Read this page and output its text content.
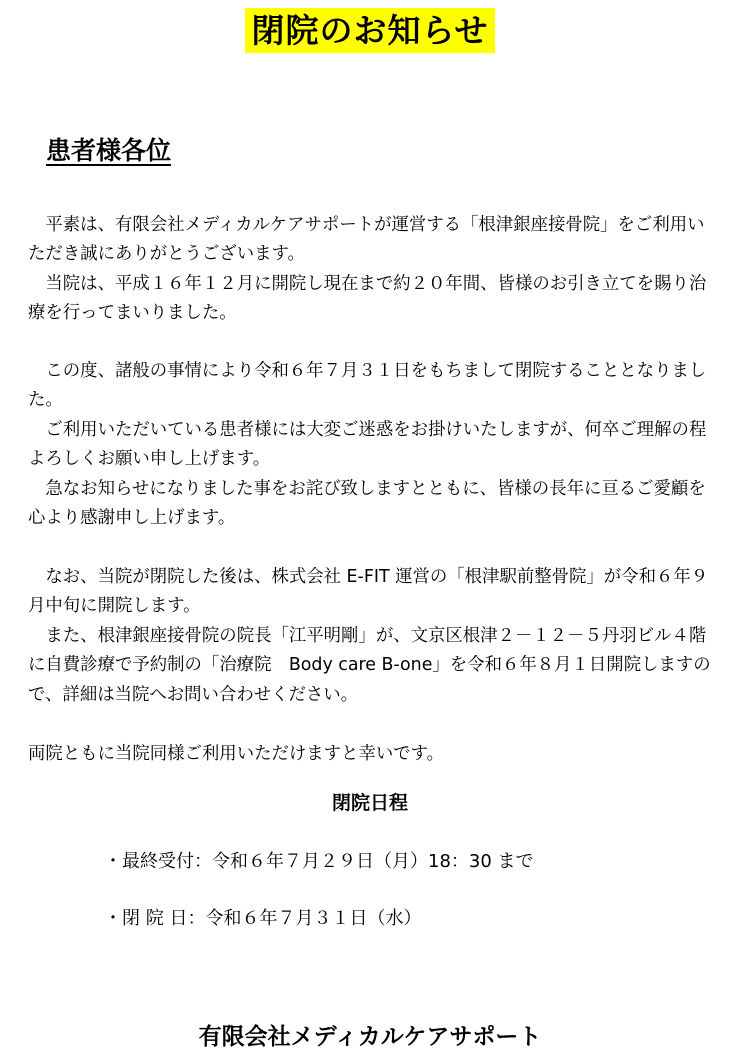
閉院のお知らせ
患者様各位

平素は、有限会社メディカルケアサポートが運営する「根津銀座接骨院」をご利用いただき誠にありがとうございます。

当院は、平成１６年１２月に開院し現在まで約２０年間、皆様のお引き立てを賜り治療を行ってまいりました。

この度、諸般の事情により令和６年７月３１日をもちまして閉院することとなりました。

ご利用いただいている患者様には大変ご迷惑をお掛けいたしますが、何卒ご理解の程よろしくお願い申し上げます。

急なお知らせになりました事をお詫び致しますとともに、皆様の長年に亘るご愛顧を心より感謝申し上げます。

なお、当院が閉院した後は、株式会社 E-FIT 運営の「根津駅前整骨院」が令和６年９月中旬に開院します。

また、根津銀座接骨院の院長「江平明剛」が、文京区根津２－１２－５丹羽ビル４階に自費診療で予約制の「治療院　Body care B-one」を令和６年８月１日開院しますので、詳細は当院へお問い合わせください。

両院ともに当院同様ご利用いただけますと幸いです。

閉院日程
・最終受付：令和６年７月２９日（月）18：30 まで
・閉 院 日：令和６年７月３１日（水）
有限会社メディカルケアサポート
